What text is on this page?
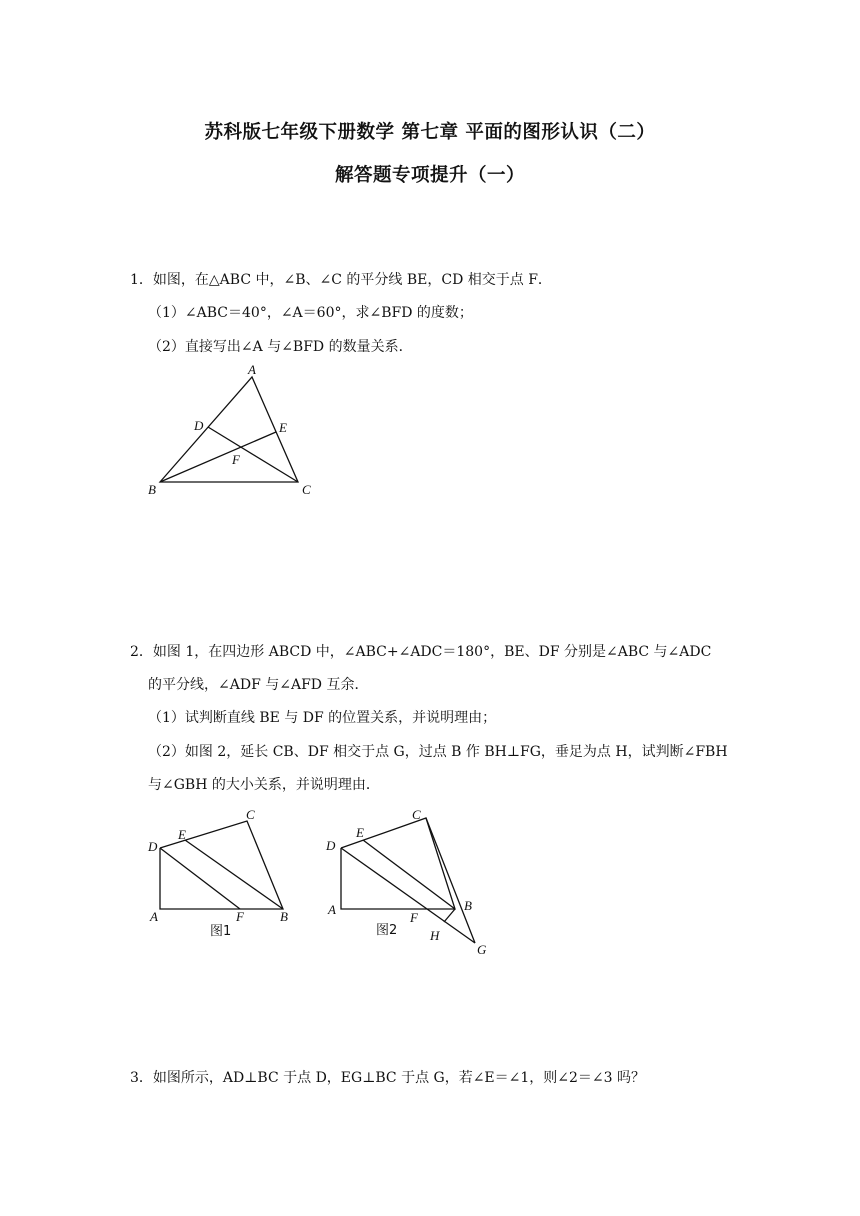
苏科版七年级下册数学 第七章 平面的图形认识（二）
解答题专项提升（一）
1．如图，在△ABC 中，∠B、∠C 的平分线 BE，CD 相交于点 F．
（1）∠ABC＝40°，∠A＝60°，求∠BFD 的度数；
（2）直接写出∠A 与∠BFD 的数量关系．
A
B	C
D	E
F
2．如图 1，在四边形 ABCD 中，∠ABC+∠ADC＝180°，BE、DF 分别是∠ABC 与∠ADC
的平分线，∠ADF 与∠AFD 互余．
（1）试判断直线 BE 与 DF 的位置关系，并说明理由；
（2）如图 2，延长 CB、DF 相交于点 G，过点 B 作 BH⊥FG，垂足为点 H，试判断∠FBH
与∠GBH 的大小关系，并说明理由．
A	B
C
D
E
F
图1
A	B
C
D
E
F
G
H
图2
3．如图所示，AD⊥BC 于点 D，EG⊥BC 于点 G，若∠E＝∠1，则∠2＝∠3 吗？
